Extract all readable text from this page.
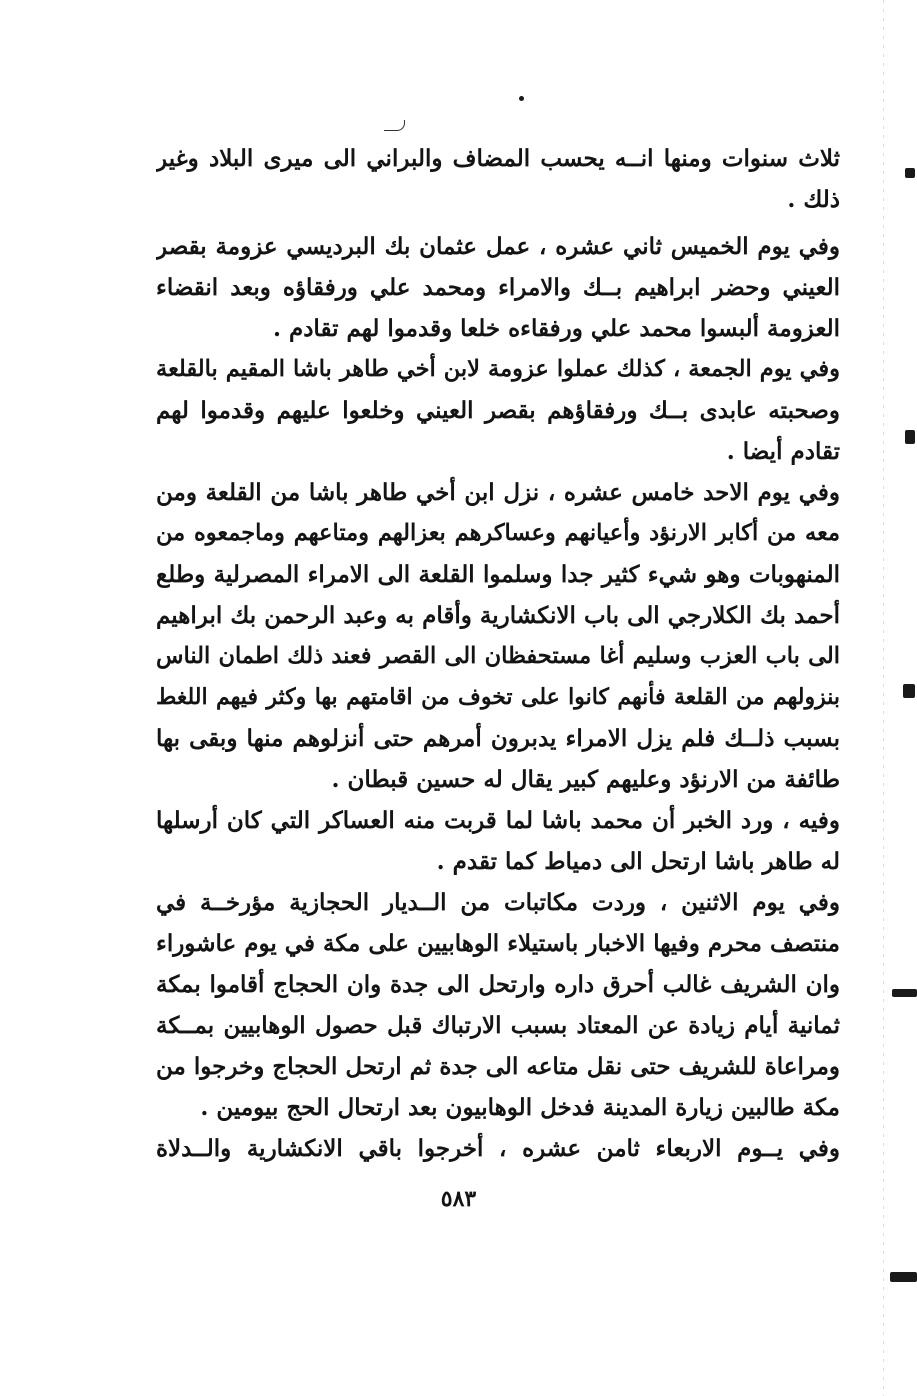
ثلاث سنوات ومنها انــه يحسب المضاف والبراني الى ميرى البلاد وغير
ذلك .
وفي يوم الخميس ثاني عشره ، عمل عثمان بك البرديسي عزومة بقصر
العيني وحضر ابراهيم بــك والامراء ومحمد علي ورفقاؤه وبعد انقضاء
العزومة ألبسوا محمد علي ورفقاءه خلعا وقدموا لهم تقادم .
وفي يوم الجمعة ، كذلك عملوا عزومة لابن أخي طاهر باشا المقيم بالقلعة
وصحبته عابدى بــك ورفقاؤهم بقصر العيني وخلعوا عليهم وقدموا لهم
تقادم أيضا .
وفي يوم الاحد خامس عشره ، نزل ابن أخي طاهر باشا من القلعة ومن
معه من أكابر الارنؤد وأعيانهم وعساكرهم بعزالهم ومتاعهم وماجمعوه من
المنهوبات وهو شيء كثير جدا وسلموا القلعة الى الامراء المصرلية وطلع
أحمد بك الكلارجي الى باب الانكشارية وأقام به وعبد الرحمن بك ابراهيم
الى باب العزب وسليم أغا مستحفظان الى القصر فعند ذلك اطمان الناس
بنزولهم من القلعة فأنهم كانوا على تخوف من اقامتهم بها وكثر فيهم اللغط
بسبب ذلــك فلم يزل الامراء يدبرون أمرهم حتى أنزلوهم منها وبقى بها
طائفة من الارنؤد وعليهم كبير يقال له حسين قبطان .
وفيه ، ورد الخبر أن محمد باشا لما قربت منه العساكر التي كان أرسلها
له طاهر باشا ارتحل الى دمياط كما تقدم .
وفي يوم الاثنين ، وردت مكاتبات من الــديار الحجازية مؤرخــة في
منتصف محرم وفيها الاخبار باستيلاء الوهابيين على مكة في يوم عاشوراء
وان الشريف غالب أحرق داره وارتحل الى جدة وان الحجاج أقاموا بمكة
ثمانية أيام زيادة عن المعتاد بسبب الارتباك قبل حصول الوهابيين بمــكة
ومراعاة للشريف حتى نقل متاعه الى جدة ثم ارتحل الحجاج وخرجوا من
مكة طالبين زيارة المدينة فدخل الوهابيون بعد ارتحال الحج بيومين .
وفي يــوم الاربعاء ثامن عشره ، أخرجوا باقي الانكشارية والــدلاة
٥٨٣
